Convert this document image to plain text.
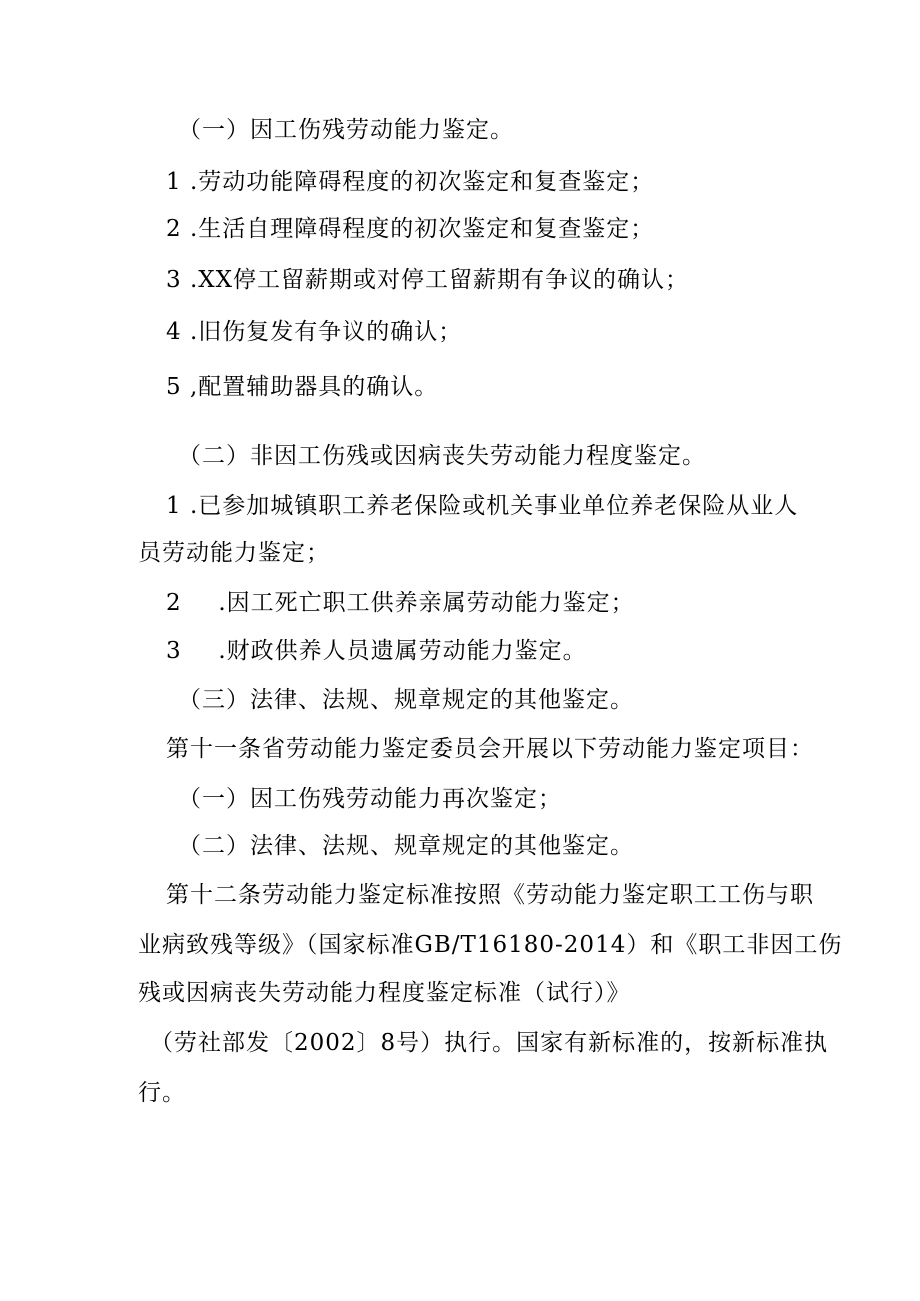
（一）因工伤残劳动能力鉴定。
1 .劳动功能障碍程度的初次鉴定和复查鉴定；
2 .生活自理障碍程度的初次鉴定和复查鉴定；
3 .XX停工留薪期或对停工留薪期有争议的确认；
4 .旧伤复发有争议的确认；
5 ,配置辅助器具的确认。
（二）非因工伤残或因病丧失劳动能力程度鉴定。
1 .已参加城镇职工养老保险或机关事业单位养老保险从业人
员劳动能力鉴定；
2 .因工死亡职工供养亲属劳动能力鉴定；
3 .财政供养人员遗属劳动能力鉴定。
（三）法律、法规、规章规定的其他鉴定。
第十一条省劳动能力鉴定委员会开展以下劳动能力鉴定项目：
（一）因工伤残劳动能力再次鉴定；
（二）法律、法规、规章规定的其他鉴定。
第十二条劳动能力鉴定标准按照《劳动能力鉴定职工工伤与职
业病致残等级》（国家标准GB/T16180-2014）和《职工非因工伤
残或因病丧失劳动能力程度鉴定标准（试行）》
（劳社部发〔2002〕8号）执行。国家有新标准的，按新标准执
行。
